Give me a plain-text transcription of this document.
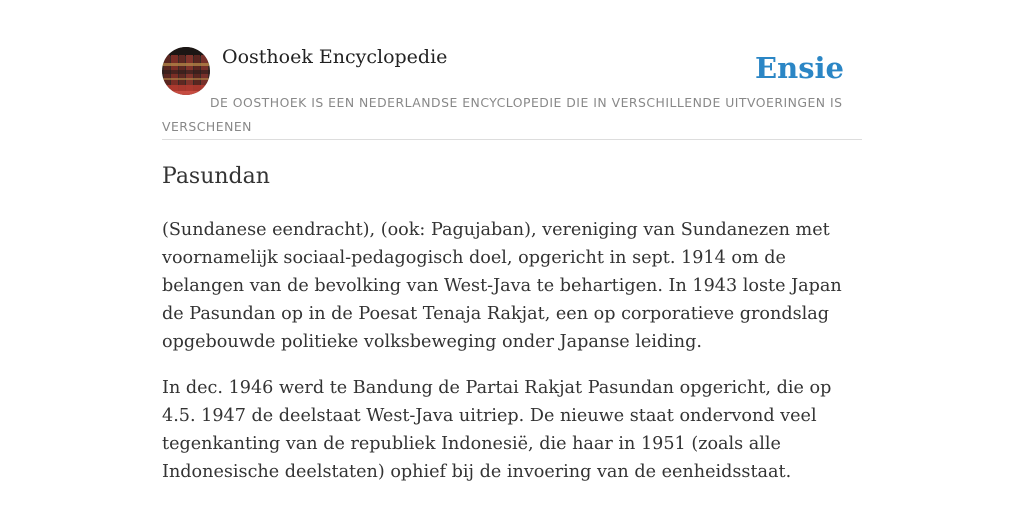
Oosthoek Encyclopedie	Ensie

DE OOSTHOEK IS EEN NEDERLANDSE ENCYCLOPEDIE DIE IN VERSCHILLENDE UITVOERINGEN IS VERSCHENEN

Pasundan

(Sundanese eendracht), (ook: Pagujaban), vereniging van Sundanezen met voornamelijk sociaal-pedagogisch doel, opgericht in sept. 1914 om de belangen van de bevolking van West-Java te behartigen. In 1943 loste Japan de Pasundan op in de Poesat Tenaja Rakjat, een op corporatieve grondslag opgebouwde politieke volksbeweging onder Japanse leiding.

In dec. 1946 werd te Bandung de Partai Rakjat Pasundan opgericht, die op 4.5. 1947 de deelstaat West-Java uitriep. De nieuwe staat ondervond veel tegenkanting van de republiek Indonesië, die haar in 1951 (zoals alle Indonesische deelstaten) ophief bij de invoering van de eenheidsstaat.
